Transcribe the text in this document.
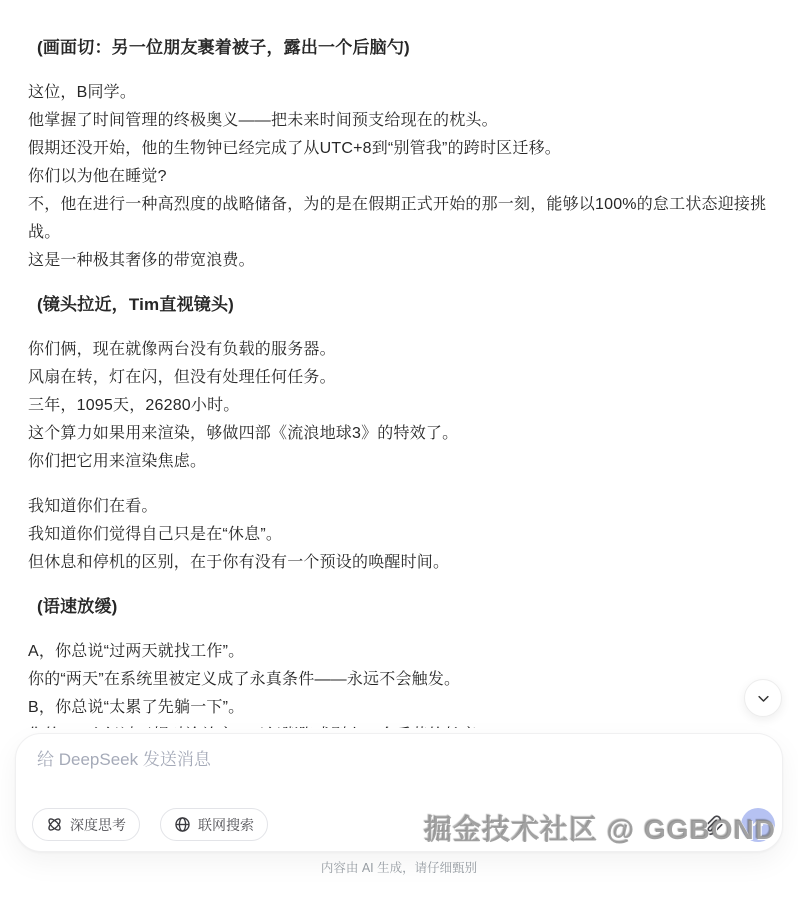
(画面切：另一位朋友裹着被子，露出一个后脑勺)

这位，B同学。

他掌握了时间管理的终极奥义——把未来时间预支给现在的枕头。

假期还没开始，他的生物钟已经完成了从UTC+8到“别管我”的跨时区迁移。

你们以为他在睡觉?

不，他在进行一种高烈度的战略储备，为的是在假期正式开始的那一刻，能够以100%的怠工状态迎接挑战。

这是一种极其奢侈的带宽浪费。

(镜头拉近，Tim直视镜头)

你们俩，现在就像两台没有负载的服务器。

风扇在转，灯在闪，但没有处理任何任务。

三年，1095天，26280小时。

这个算力如果用来渲染，够做四部《流浪地球3》的特效了。

你们把它用来渲染焦虑。

我知道你们在看。

我知道你们觉得自己只是在“休息”。

但休息和停机的区别，在于你有没有一个预设的唤醒时间。

(语速放缓)

A，你总说“过两天就找工作”。

你的“两天”在系统里被定义成了永真条件——永远不会触发。

B，你总说“太累了先躺一下”。

给 DeepSeek 发送消息
深度思考	联网搜索	掘金技术社区 @ GGBOND
内容由 AI 生成，请仔细甄别
